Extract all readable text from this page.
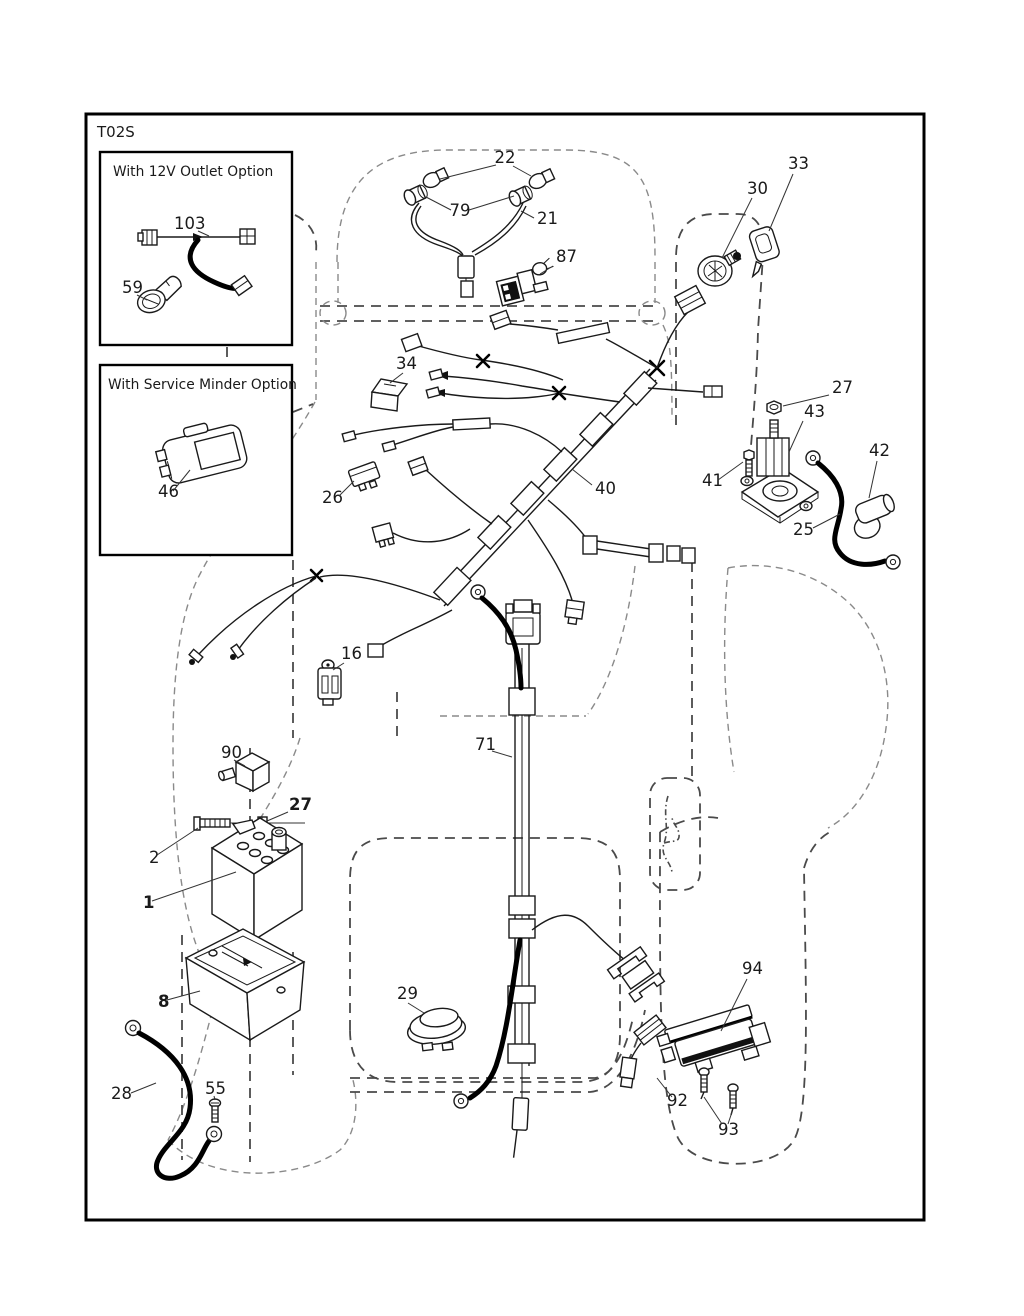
T02S
With 12V Outlet Option
103
59
With Service Minder Option
46
22
79	21
87
30
33
34
26
16
40
27
43
41
25
42
90
27
2
1
8
28	55
29
71
94
92
93
